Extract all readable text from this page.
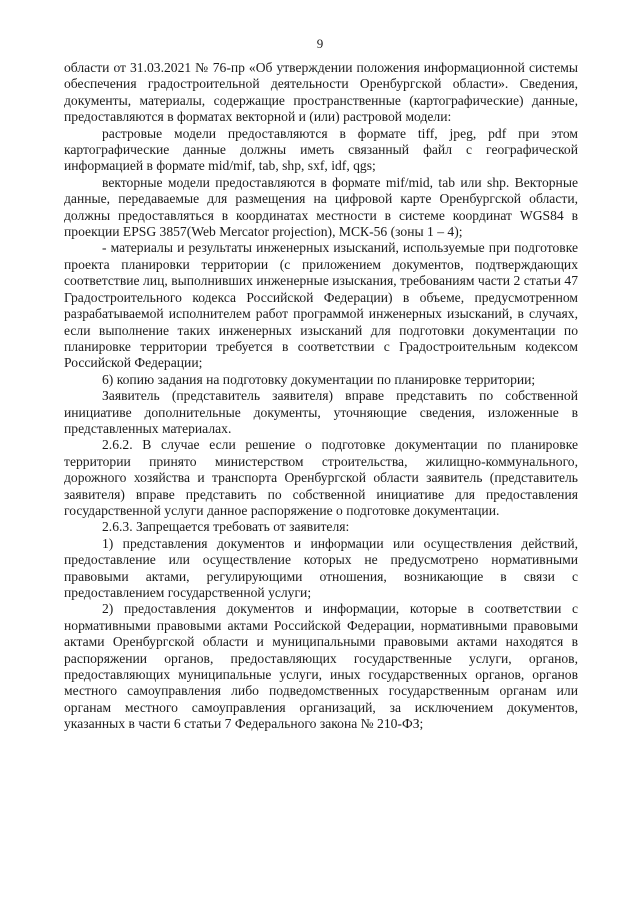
9

области от 31.03.2021 № 76-пр «Об утверждении положения информационной системы обеспечения градостроительной деятельности Оренбургской области». Сведения, документы, материалы, содержащие пространственные (картографические) данные, предоставляются в форматах векторной и (или) растровой модели:

растровые модели предоставляются в формате tiff, jpeg, pdf при этом картографические данные должны иметь связанный файл с географической информацией в формате mid/mif, tab, shp, sxf, idf, qgs;

векторные модели предоставляются в формате mif/mid, tab или shp. Векторные данные, передаваемые для размещения на цифровой карте Оренбургской области, должны предоставляться в координатах местности в системе координат WGS84 в проекции EPSG 3857(Web Mercator projection), МСК-56 (зоны 1 – 4);

- материалы и результаты инженерных изысканий, используемые при подготовке проекта планировки территории (с приложением документов, подтверждающих соответствие лиц, выполнивших инженерные изыскания, требованиям части 2 статьи 47 Градостроительного кодекса Российской Федерации) в объеме, предусмотренном разрабатываемой исполнителем работ программой инженерных изысканий, в случаях, если выполнение таких инженерных изысканий для подготовки документации по планировке территории требуется в соответствии с Градостроительным кодексом Российской Федерации;

6) копию задания на подготовку документации по планировке территории;

Заявитель (представитель заявителя) вправе представить по собственной инициативе дополнительные документы, уточняющие сведения, изложенные в представленных материалах.

2.6.2. В случае если решение о подготовке документации по планировке территории принято министерством строительства, жилищно-коммунального, дорожного хозяйства и транспорта Оренбургской области заявитель (представитель заявителя) вправе представить по собственной инициативе для предоставления государственной услуги данное распоряжение о подготовке документации.

2.6.3. Запрещается требовать от заявителя:

1) представления документов и информации или осуществления действий, предоставление или осуществление которых не предусмотрено нормативными правовыми актами, регулирующими отношения, возникающие в связи с предоставлением государственной услуги;

2) предоставления документов и информации, которые в соответствии с нормативными правовыми актами Российской Федерации, нормативными правовыми актами Оренбургской области и муниципальными правовыми актами находятся в распоряжении органов, предоставляющих государственные услуги, органов, предоставляющих муниципальные услуги, иных государственных органов, органов местного самоуправления либо подведомственных государственным органам или органам местного самоуправления организаций, за исключением документов, указанных в части 6 статьи 7 Федерального закона № 210-ФЗ;
